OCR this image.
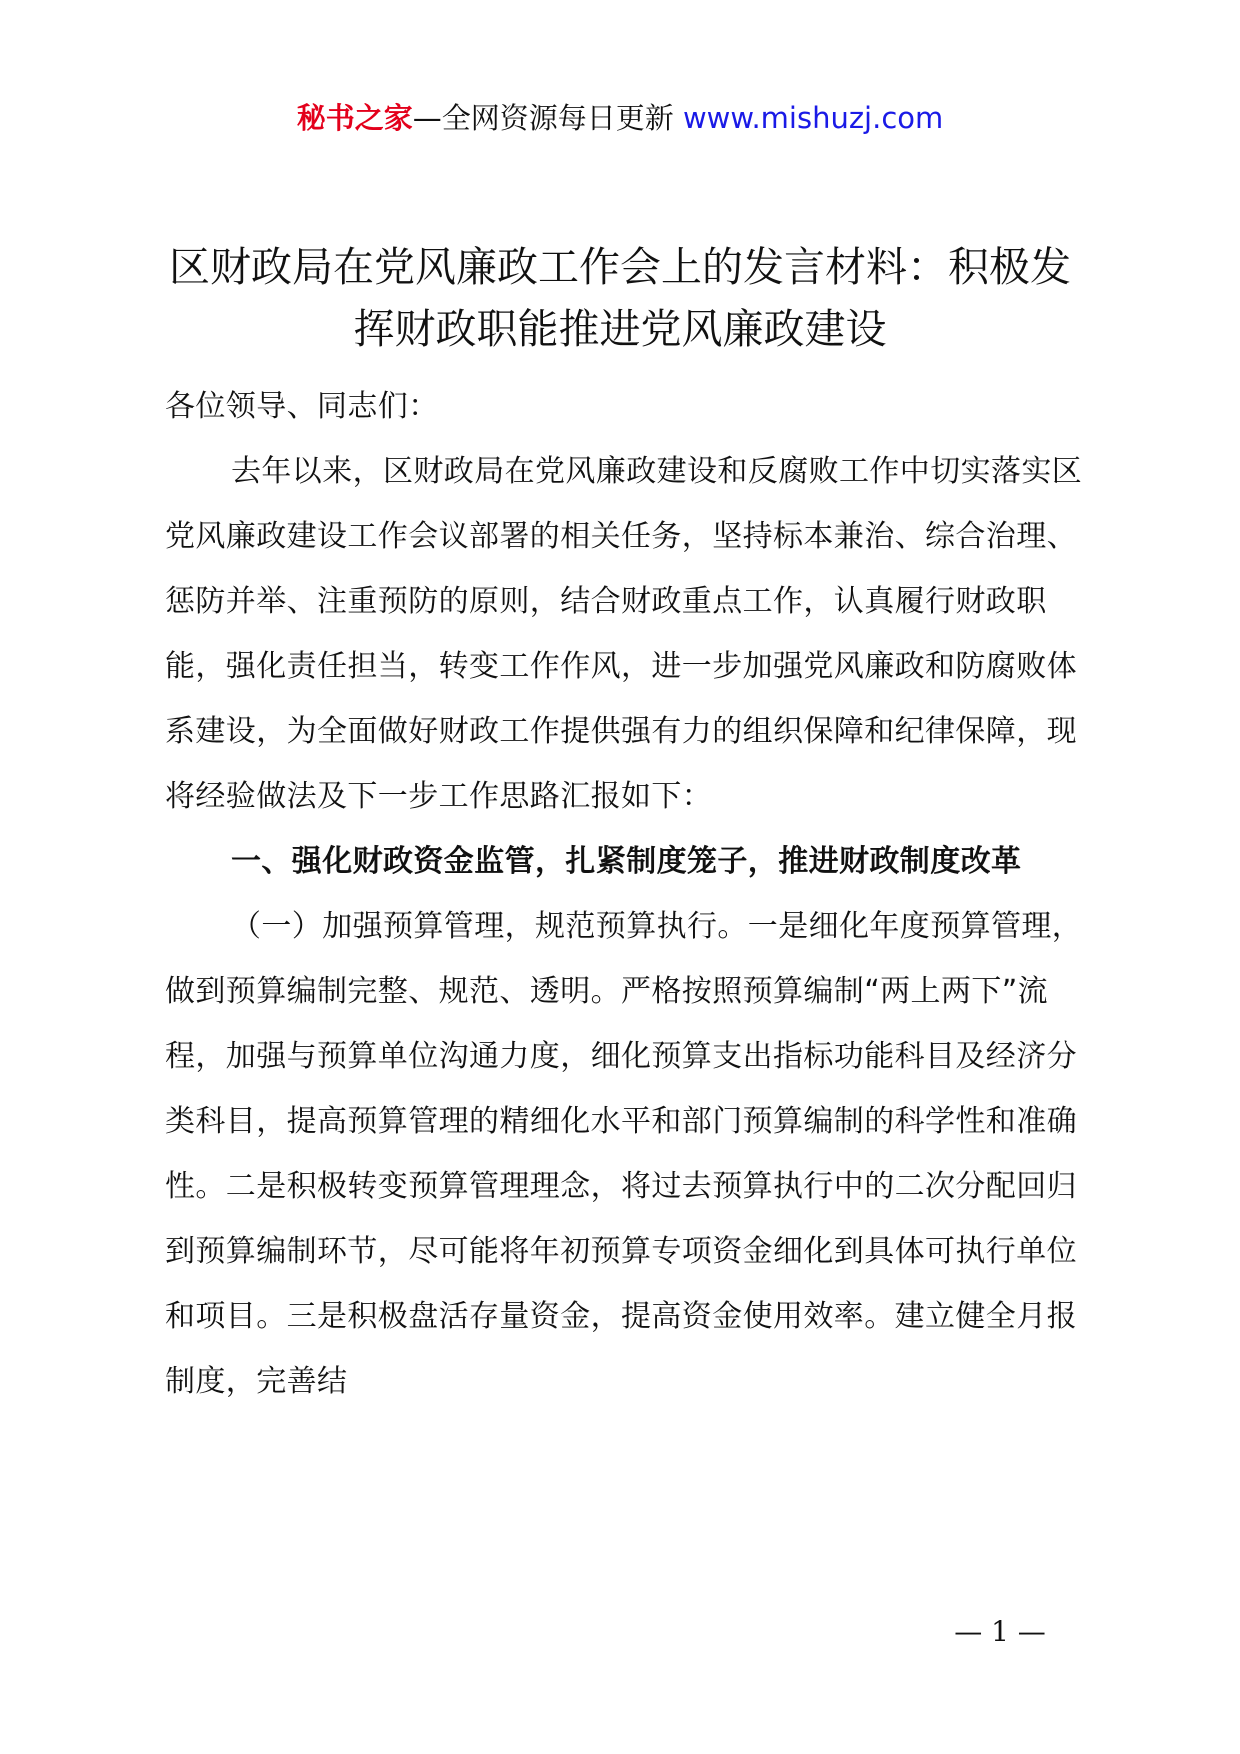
秘书之家—全网资源每日更新 www.mishuzj.com
区财政局在党风廉政工作会上的发言材料：积极发挥财政职能推进党风廉政建设

各位领导、同志们：

去年以来，区财政局在党风廉政建设和反腐败工作中切实落实区党风廉政建设工作会议部署的相关任务，坚持标本兼治、综合治理、惩防并举、注重预防的原则，结合财政重点工作，认真履行财政职能，强化责任担当，转变工作作风，进一步加强党风廉政和防腐败体系建设，为全面做好财政工作提供强有力的组织保障和纪律保障，现将经验做法及下一步工作思路汇报如下：

一、强化财政资金监管，扎紧制度笼子，推进财政制度改革

（一）加强预算管理，规范预算执行。一是细化年度预算管理，做到预算编制完整、规范、透明。严格按照预算编制“两上两下”流程，加强与预算单位沟通力度，细化预算支出指标功能科目及经济分类科目，提高预算管理的精细化水平和部门预算编制的科学性和准确性。二是积极转变预算管理理念，将过去预算执行中的二次分配回归到预算编制环节，尽可能将年初预算专项资金细化到具体可执行单位和项目。三是积极盘活存量资金，提高资金使用效率。建立健全月报制度，完善结

— 1 —
